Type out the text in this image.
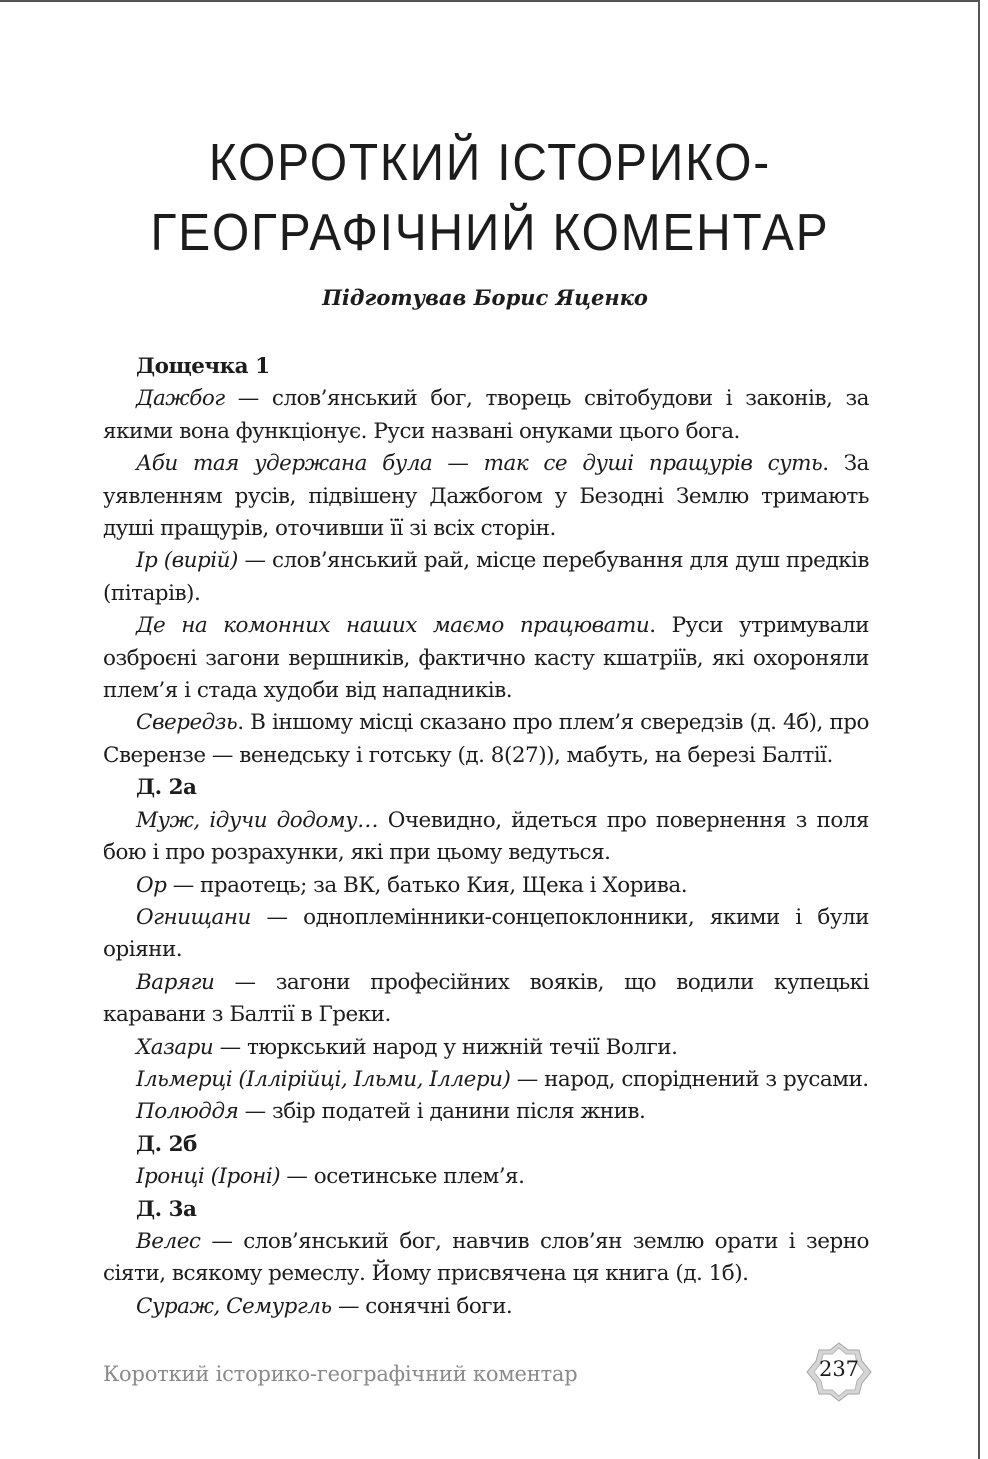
КОРОТКИЙ ІСТОРИКО-
ГЕОГРАФІЧНИЙ КОМЕНТАР
Підготував Борис Яценко

Дощечка 1

Дажбог — слов’янський бог, творець світобудови і законів, за якими вона функціонує. Руси названі онуками цього бога.

Аби тая удержана була — так се душі пращурів суть. За уявленням русів, підвішену Дажбогом у Безодні Землю тримають душі пращурів, оточивши її зі всіх сторін.

Ір (вирій) — слов’янський рай, місце перебування для душ предків (пітарів).

Де на комонних наших маємо працювати. Руси утримували озброєні загони вершників, фактично касту кшатріїв, які охороняли плем’я і стада худоби від нападників.

Свередзь. В іншому місці сказано про плем’я свередзів (д. 4б), про Сверензе — венедську і готську (д. 8(27)), мабуть, на березі Балтії.

Д. 2а

Муж, ідучи додому… Очевидно, йдеться про повернення з поля бою і про розрахунки, які при цьому ведуться.

Ор — праотець; за ВК, батько Кия, Щека і Хорива.

Огнищани — одноплемінники-сонцепоклонники, якими і були оріяни.

Варяги — загони професійних вояків, що водили купецькі каравани з Балтії в Греки.

Хазари — тюркський народ у нижній течії Волги.

Ільмерці (Іллірійці, Ільми, Іллери) — народ, споріднений з русами.

Полюддя — збір податей і данини після жнив.

Д. 2б

Іронці (Іроні) — осетинське плем’я.

Д. 3а

Велес — слов’янський бог, навчив слов’ян землю орати і зерно сіяти, всякому ремеслу. Йому присвячена ця книга (д. 1б).

Сураж, Семургль — сонячні боги.

Короткий історико-географічний коментар	237
